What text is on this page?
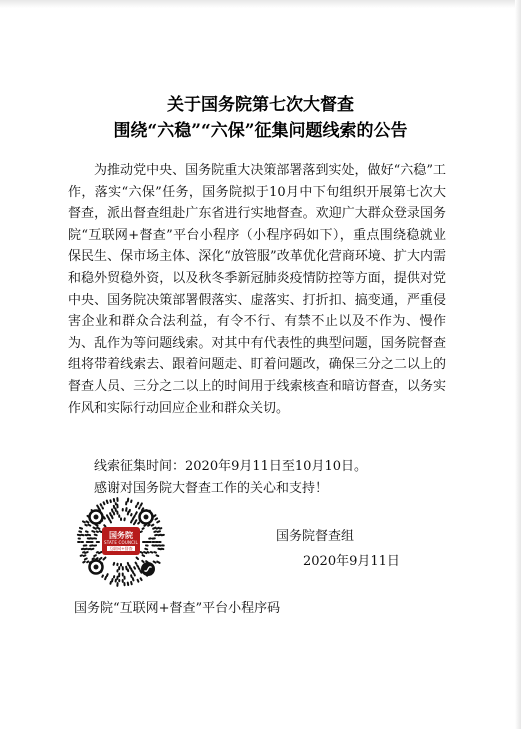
关于国务院第七次大督查
围绕“六稳”“六保”征集问题线索的公告

为推动党中央、国务院重大决策部署落到实处，做好“六稳”工作，落实“六保”任务，国务院拟于10月中下旬组织开展第七次大督查，派出督查组赴广东省进行实地督查。欢迎广大群众登录国务院“互联网+督查”平台小程序（小程序码如下），重点围绕稳就业保民生、保市场主体、深化“放管服”改革优化营商环境、扩大内需和稳外贸稳外资，以及秋冬季新冠肺炎疫情防控等方面，提供对党中央、国务院决策部署假落实、虚落实、打折扣、搞变通，严重侵害企业和群众合法利益，有令不行、有禁不止以及不作为、慢作为、乱作为等问题线索。对其中有代表性的典型问题，国务院督查组将带着线索去、跟着问题走、盯着问题改，确保三分之二以上的督查人员、三分之二以上的时间用于线索核查和暗访督查，以务实作风和实际行动回应企业和群众关切。

线索征集时间：2020年9月11日至10月10日。

感谢对国务院大督查工作的关心和支持！

国务院
STATE COUNCIL
互联网+督查
国务院督查组
2020年9月11日
国务院“互联网+督查”平台小程序码
